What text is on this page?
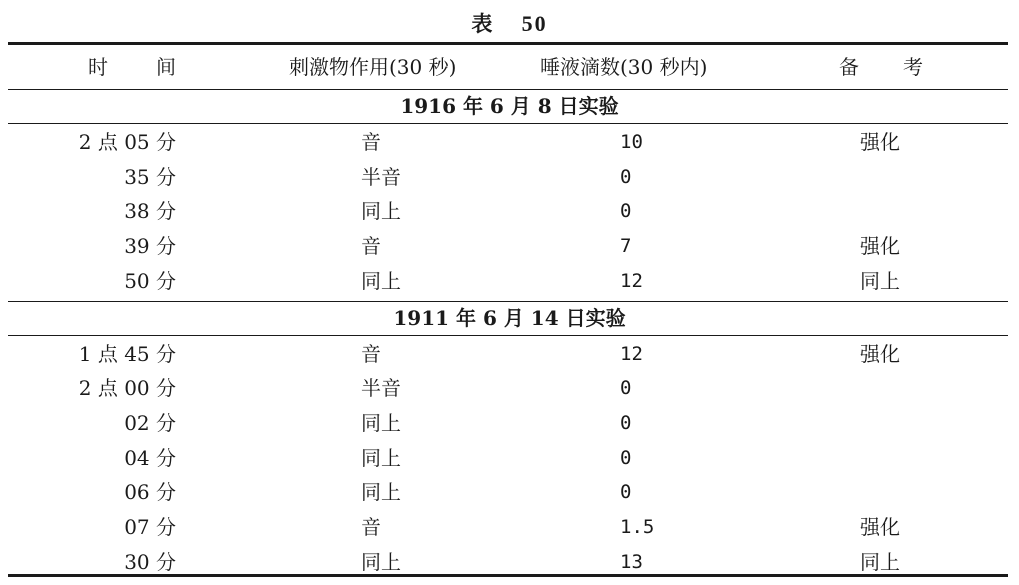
表 50
时 间	刺激物作用(30 秒)	唾液滴数(30 秒内)	备 考
1916 年 6 月 8 日实验
2 点 05 分	音	10	强化
35 分	半音	0
38 分	同上	0
39 分	音	7	强化
50 分	同上	12	同上
1911 年 6 月 14 日实验
1 点 45 分	音	12	强化
2 点 00 分	半音	0
02 分	同上	0
04 分	同上	0
06 分	同上	0
07 分	音	1.5	强化
30 分	同上	13	同上
